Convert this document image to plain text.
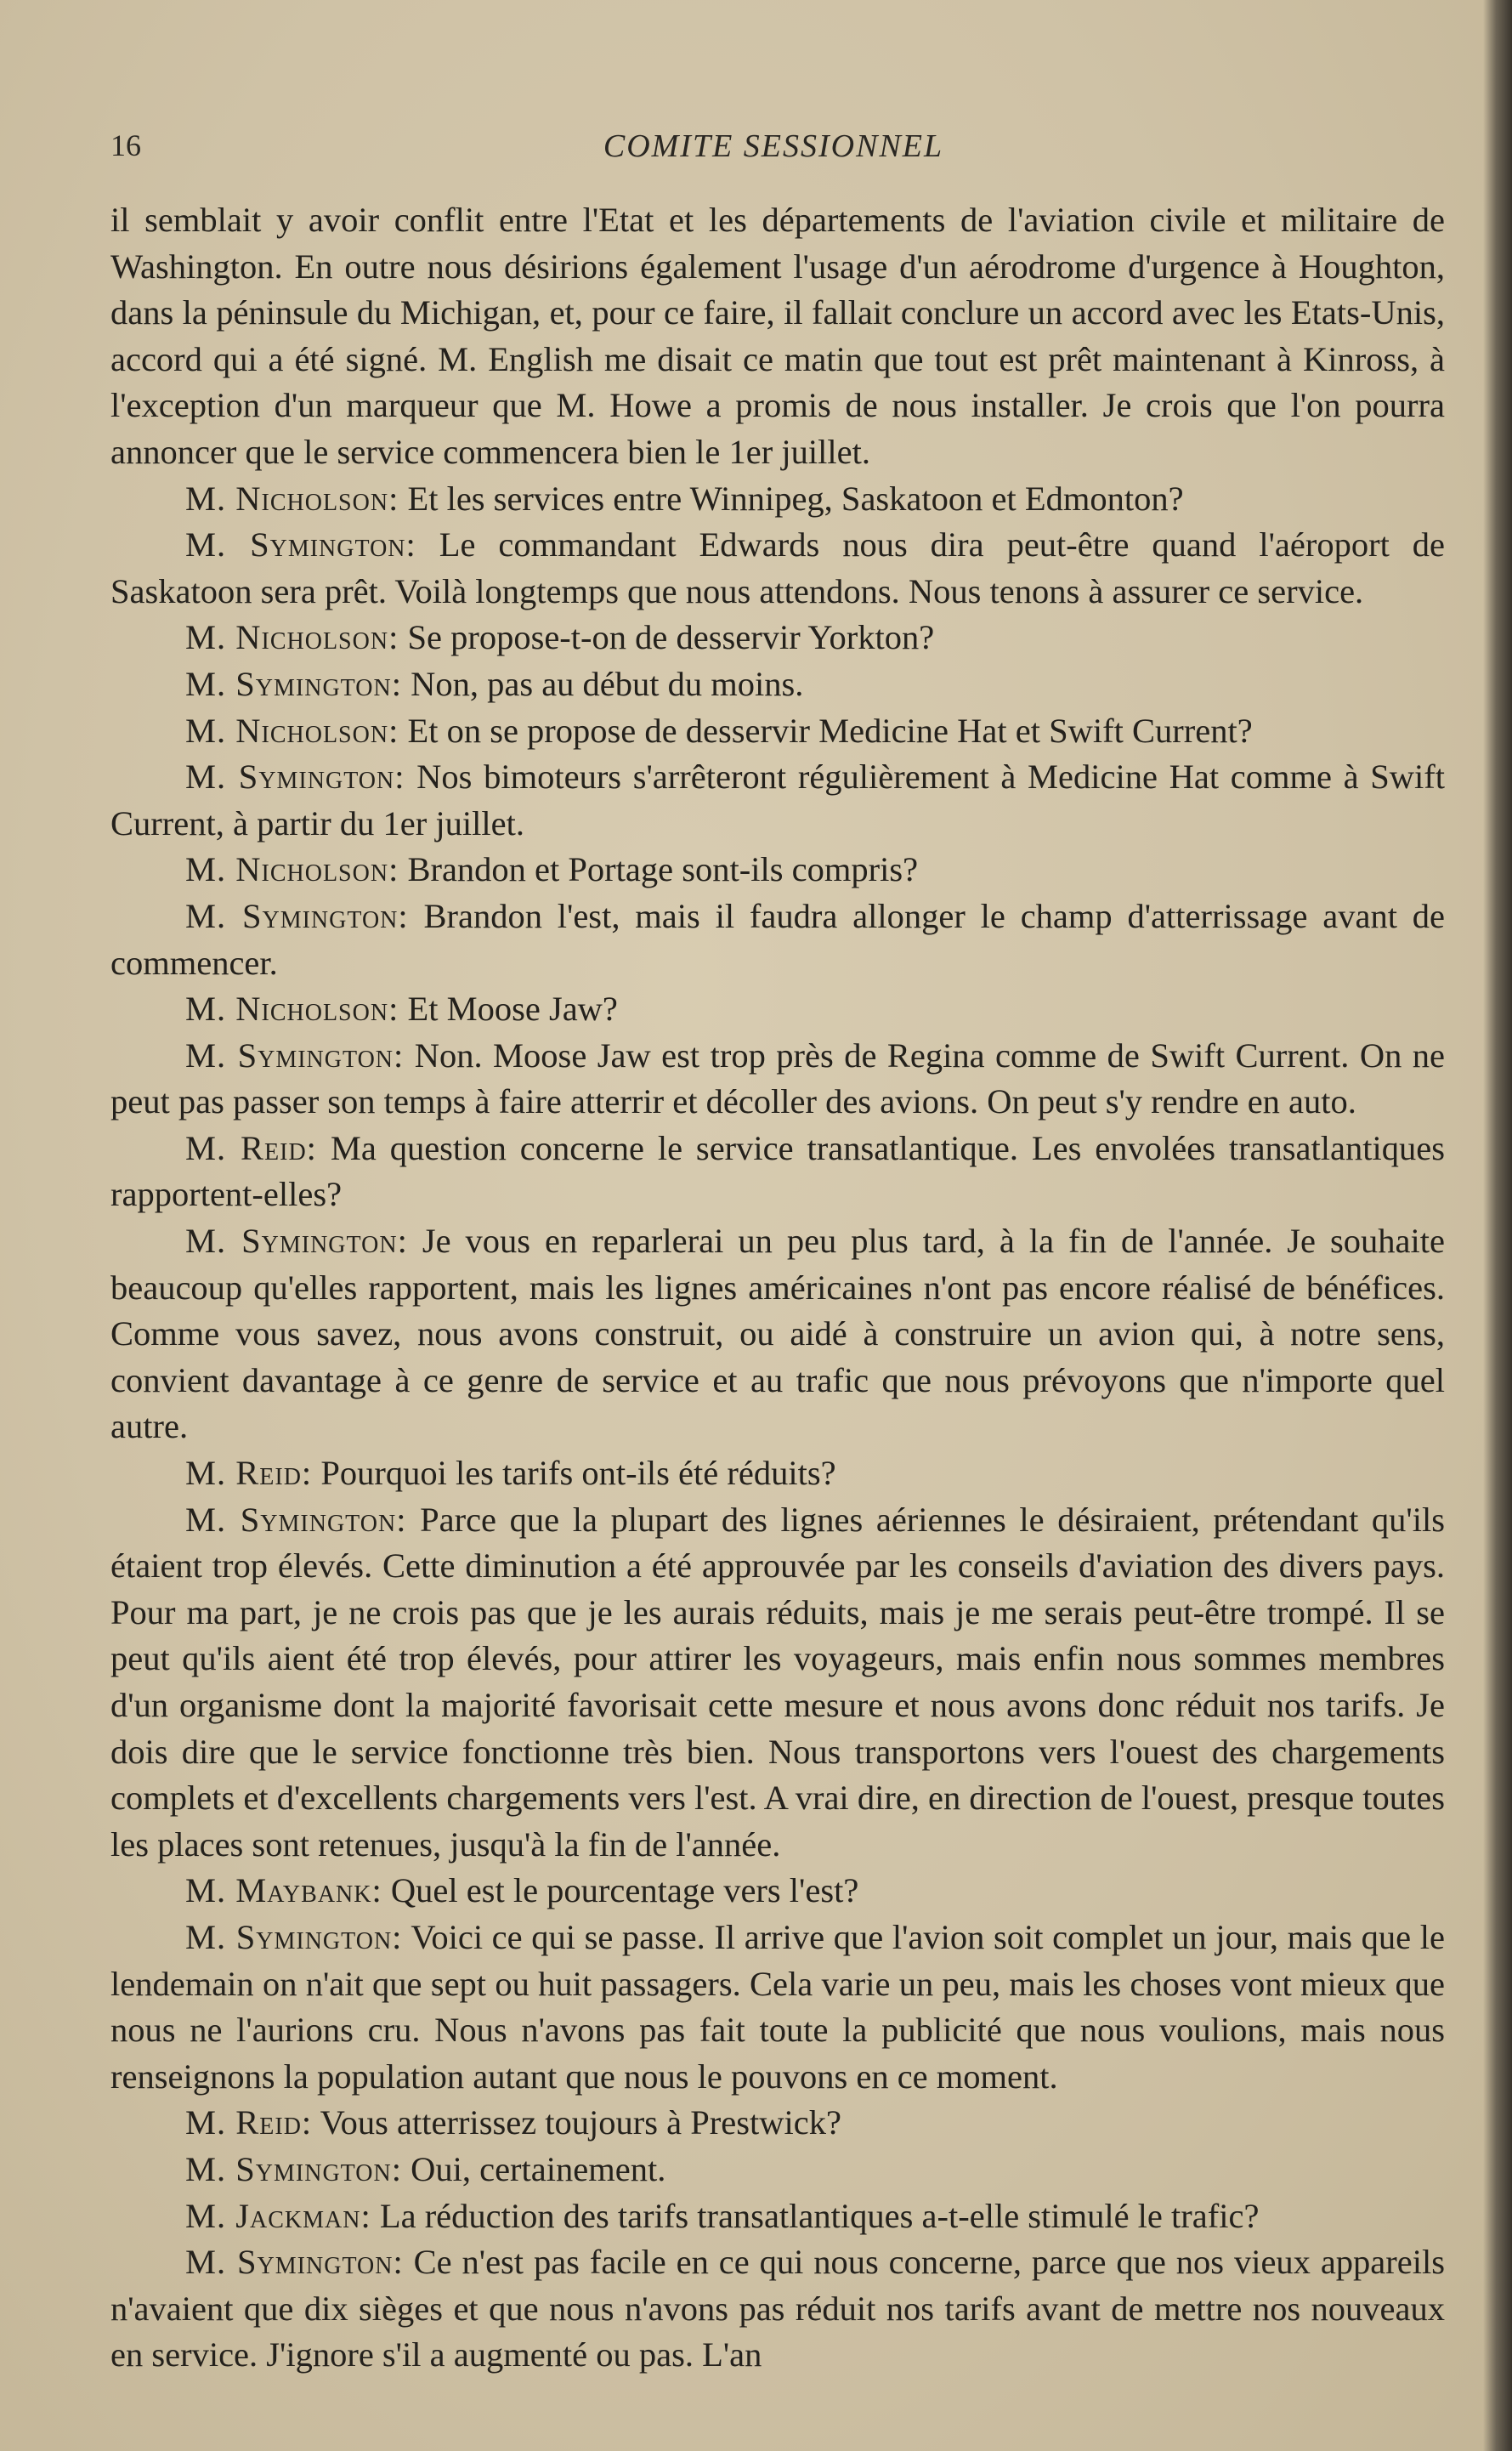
16	COMITE SESSIONNEL

il semblait y avoir conflit entre l'Etat et les départements de l'aviation civile et militaire de Washington. En outre nous désirions également l'usage d'un aérodrome d'urgence à Houghton, dans la péninsule du Michigan, et, pour ce faire, il fallait conclure un accord avec les Etats-Unis, accord qui a été signé. M. English me disait ce matin que tout est prêt maintenant à Kinross, à l'exception d'un marqueur que M. Howe a promis de nous installer. Je crois que l'on pourra annoncer que le service commencera bien le 1er juillet.

M. Nicholson: Et les services entre Winnipeg, Saskatoon et Edmonton?

M. Symington: Le commandant Edwards nous dira peut-être quand l'aéroport de Saskatoon sera prêt. Voilà longtemps que nous attendons. Nous tenons à assurer ce service.

M. Nicholson: Se propose-t-on de desservir Yorkton?

M. Symington: Non, pas au début du moins.

M. Nicholson: Et on se propose de desservir Medicine Hat et Swift Current?

M. Symington: Nos bimoteurs s'arrêteront régulièrement à Medicine Hat comme à Swift Current, à partir du 1er juillet.

M. Nicholson: Brandon et Portage sont-ils compris?

M. Symington: Brandon l'est, mais il faudra allonger le champ d'atterrissage avant de commencer.

M. Nicholson: Et Moose Jaw?

M. Symington: Non. Moose Jaw est trop près de Regina comme de Swift Current. On ne peut pas passer son temps à faire atterrir et décoller des avions. On peut s'y rendre en auto.

M. Reid: Ma question concerne le service transatlantique. Les envolées transatlantiques rapportent-elles?

M. Symington: Je vous en reparlerai un peu plus tard, à la fin de l'année. Je souhaite beaucoup qu'elles rapportent, mais les lignes américaines n'ont pas encore réalisé de bénéfices. Comme vous savez, nous avons construit, ou aidé à construire un avion qui, à notre sens, convient davantage à ce genre de service et au trafic que nous prévoyons que n'importe quel autre.

M. Reid: Pourquoi les tarifs ont-ils été réduits?

M. Symington: Parce que la plupart des lignes aériennes le désiraient, prétendant qu'ils étaient trop élevés. Cette diminution a été approuvée par les conseils d'aviation des divers pays. Pour ma part, je ne crois pas que je les aurais réduits, mais je me serais peut-être trompé. Il se peut qu'ils aient été trop élevés, pour attirer les voyageurs, mais enfin nous sommes membres d'un organisme dont la majorité favorisait cette mesure et nous avons donc réduit nos tarifs. Je dois dire que le service fonctionne très bien. Nous transportons vers l'ouest des chargements complets et d'excellents chargements vers l'est. A vrai dire, en direction de l'ouest, presque toutes les places sont retenues, jusqu'à la fin de l'année.

M. Maybank: Quel est le pourcentage vers l'est?

M. Symington: Voici ce qui se passe. Il arrive que l'avion soit complet un jour, mais que le lendemain on n'ait que sept ou huit passagers. Cela varie un peu, mais les choses vont mieux que nous ne l'aurions cru. Nous n'avons pas fait toute la publicité que nous voulions, mais nous renseignons la population autant que nous le pouvons en ce moment.

M. Reid: Vous atterrissez toujours à Prestwick?

M. Symington: Oui, certainement.

M. Jackman: La réduction des tarifs transatlantiques a-t-elle stimulé le trafic?

M. Symington: Ce n'est pas facile en ce qui nous concerne, parce que nos vieux appareils n'avaient que dix sièges et que nous n'avons pas réduit nos tarifs avant de mettre nos nouveaux en service. J'ignore s'il a augmenté ou pas. L'an
